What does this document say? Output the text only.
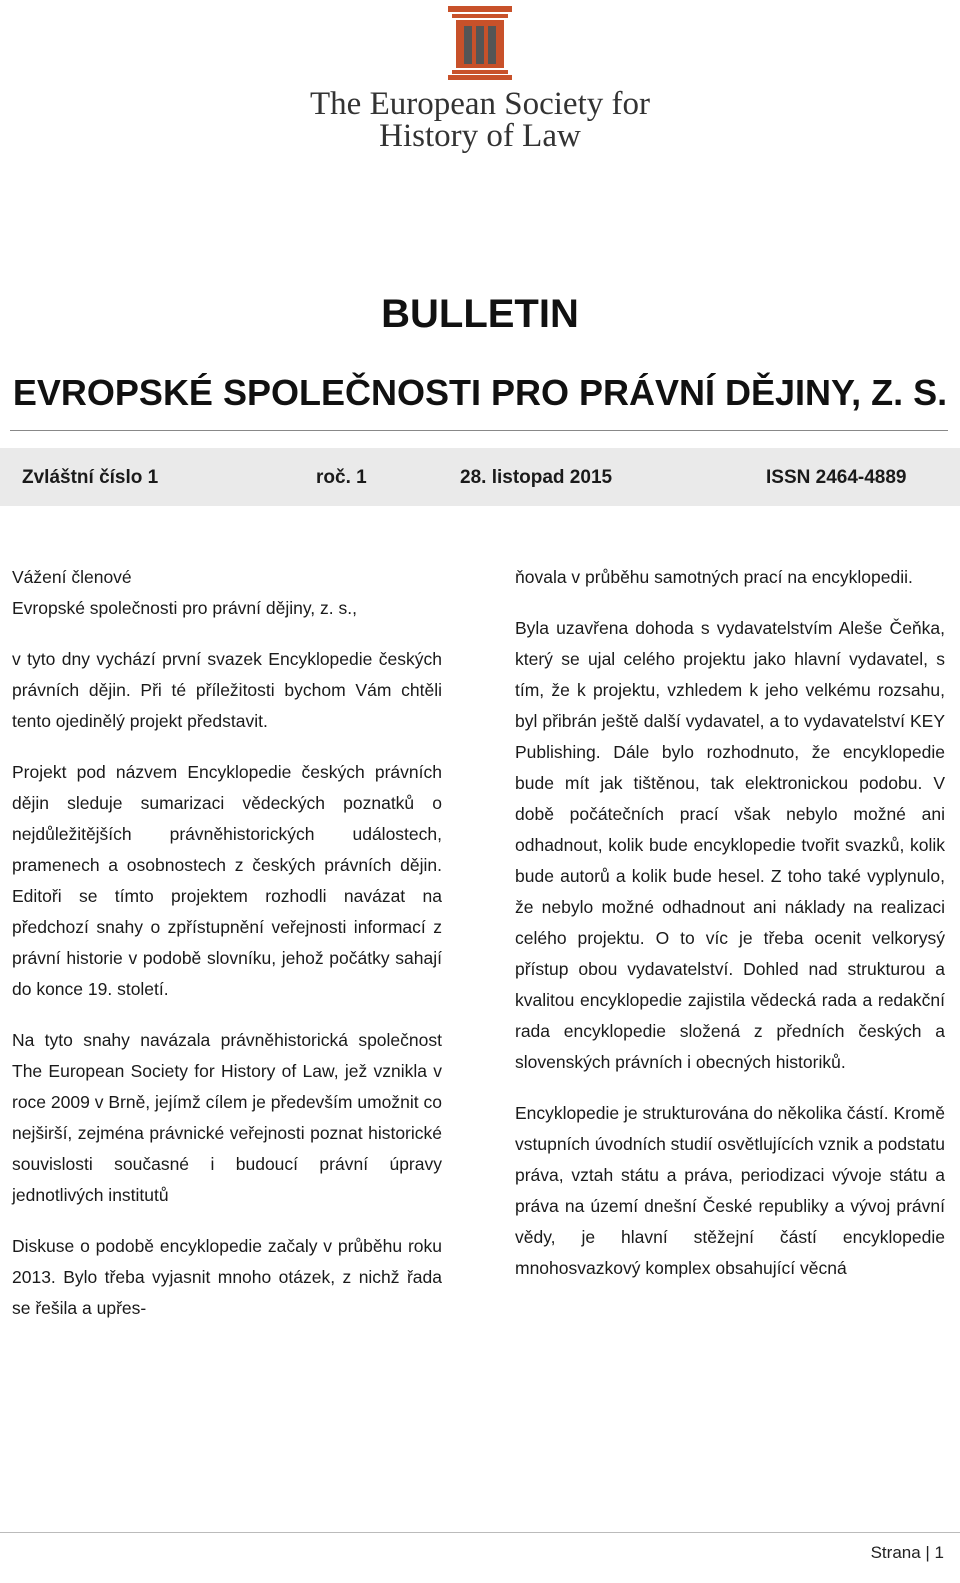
The European Society for
History of Law
BULLETIN
EVROPSKÉ SPOLEČNOSTI PRO PRÁVNÍ DĚJINY, Z. S.
Zvláštní číslo 1	roč. 1	28. listopad 2015	ISSN 2464-4889
Vážení členové
Evropské společnosti pro právní dějiny, z. s.,

v tyto dny vychází první svazek Encyklopedie českých právních dějin. Při té příležitosti bychom Vám chtěli tento ojedinělý projekt představit.

Projekt pod názvem Encyklopedie českých právních dějin sleduje sumarizaci vědeckých poznatků o nejdůležitějších právněhistorických událostech, pramenech a osobnostech z českých právních dějin. Editoři se tímto projektem rozhodli navázat na předchozí snahy o zpřístupnění veřejnosti informací z právní historie v podobě slovníku, jehož počátky sahají do konce 19. století.

Na tyto snahy navázala právněhistorická společnost The European Society for History of Law, jež vznikla v roce 2009 v Brně, jejímž cílem je především umožnit co nejširší, zejména právnické veřejnosti poznat historické souvislosti současné i budoucí právní úpravy jednotlivých institutů

Diskuse o podobě encyklopedie začaly v průběhu roku 2013. Bylo třeba vyjasnit mnoho otázek, z nichž řada se řešila a upřes-

ňovala v průběhu samotných prací na encyklopedii.

Byla uzavřena dohoda s vydavatelstvím Aleše Čeňka, který se ujal celého projektu jako hlavní vydavatel, s tím, že k projektu, vzhledem k jeho velkému rozsahu, byl přibrán ještě další vydavatel, a to vydavatelství KEY Publishing. Dále bylo rozhodnuto, že encyklopedie bude mít jak tištěnou, tak elektronickou podobu. V době počátečních prací však nebylo možné ani odhadnout, kolik bude encyklopedie tvořit svazků, kolik bude autorů a kolik bude hesel. Z toho také vyplynulo, že nebylo možné odhadnout ani náklady na realizaci celého projektu. O to víc je třeba ocenit velkorysý přístup obou vydavatelství. Dohled nad strukturou a kvalitou encyklopedie zajistila vědecká rada a redakční rada encyklopedie složená z předních českých a slovenských právních i obecných historiků.

Encyklopedie je strukturována do několika částí. Kromě vstupních úvodních studií osvětlujících vznik a podstatu práva, vztah státu a práva, periodizaci vývoje státu a práva na území dnešní České republiky a vývoj právní vědy, je hlavní stěžejní částí encyklopedie mnohosvazkový komplex obsahující věcná

Strana | 1
